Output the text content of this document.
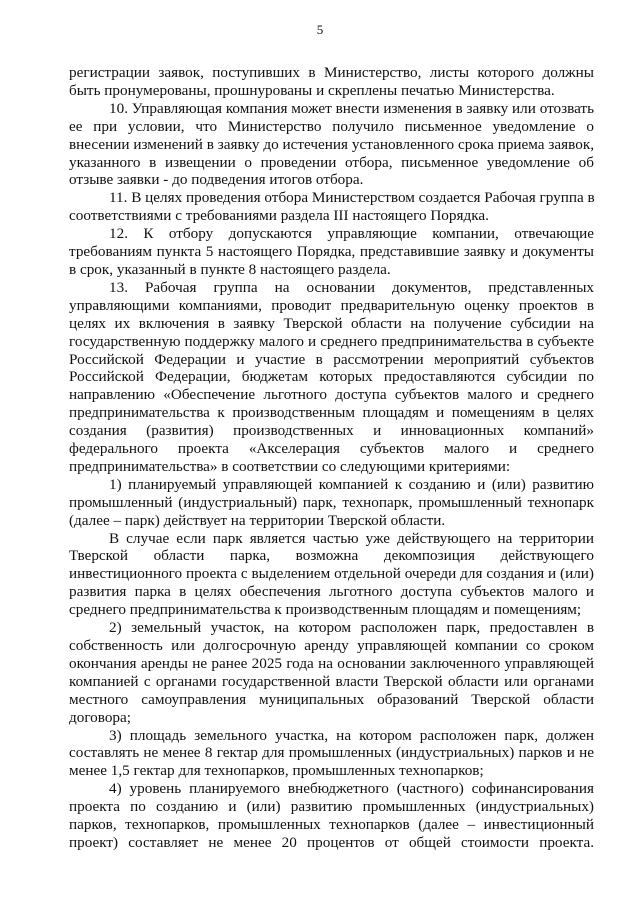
5

регистрации заявок, поступивших в Министерство, листы которого должны
быть пронумерованы, прошнурованы и скреплены печатью Министерства.

10. Управляющая компания может внести изменения в заявку или отозвать
ее при условии, что Министерство получило письменное уведомление о
внесении изменений в заявку до истечения установленного срока приема заявок,
указанного в извещении о проведении отбора, письменное уведомление об
отзыве заявки - до подведения итогов отбора.

11. В целях проведения отбора Министерством создается Рабочая группа в
соответствиями с требованиями раздела III настоящего Порядка.

12. К отбору допускаются управляющие компании, отвечающие
требованиям пункта 5 настоящего Порядка, представившие заявку и документы
в срок, указанный в пункте 8 настоящего раздела.

13. Рабочая группа на основании документов, представленных
управляющими компаниями, проводит предварительную оценку проектов в
целях их включения в заявку Тверской области на получение субсидии на
государственную поддержку малого и среднего предпринимательства в субъекте
Российской Федерации и участие в рассмотрении мероприятий субъектов
Российской Федерации, бюджетам которых предоставляются субсидии по
направлению «Обеспечение льготного доступа субъектов малого и среднего
предпринимательства к производственным площадям и помещениям в целях
создания (развития) производственных и инновационных компаний»
федерального проекта «Акселерация субъектов малого и среднего
предпринимательства» в соответствии со следующими критериями:

1) планируемый управляющей компанией к созданию и (или) развитию
промышленный (индустриальный) парк, технопарк, промышленный технопарк
(далее – парк) действует на территории Тверской области.

В случае если парк является частью уже действующего на территории
Тверской области парка, возможна декомпозиция действующего
инвестиционного проекта с выделением отдельной очереди для создания и (или)
развития парка в целях обеспечения льготного доступа субъектов малого и
среднего предпринимательства к производственным площадям и помещениям;

2) земельный участок, на котором расположен парк, предоставлен в
собственность или долгосрочную аренду управляющей компании со сроком
окончания аренды не ранее 2025 года на основании заключенного управляющей
компанией с органами государственной власти Тверской области или органами
местного самоуправления муниципальных образований Тверской области
договора;

3) площадь земельного участка, на котором расположен парк, должен
составлять не менее 8 гектар для промышленных (индустриальных) парков и не
менее 1,5 гектар для технопарков, промышленных технопарков;

4) уровень планируемого внебюджетного (частного) софинансирования
проекта по созданию и (или) развитию промышленных (индустриальных)
парков, технопарков, промышленных технопарков (далее – инвестиционный
проект) составляет не менее 20 процентов от общей стоимости проекта.
